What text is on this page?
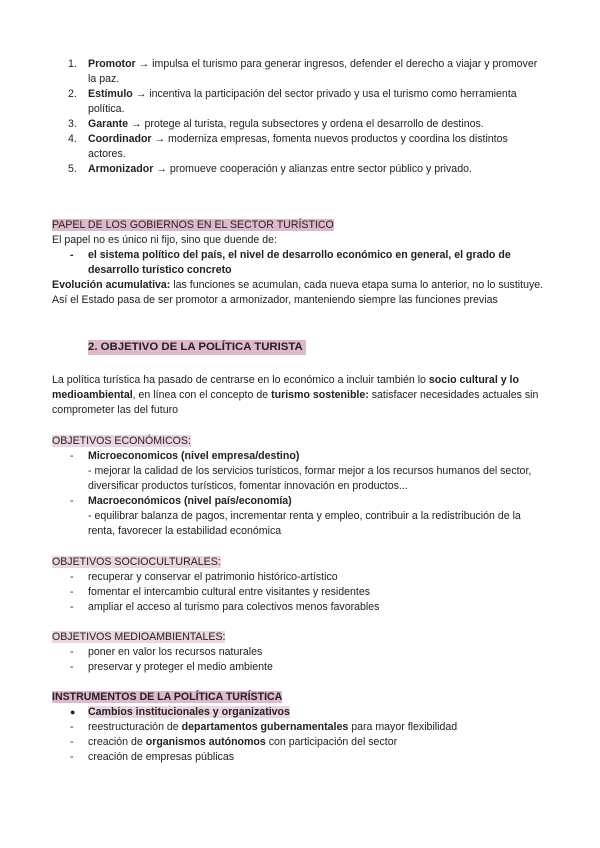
1. Promotor → impulsa el turismo para generar ingresos, defender el derecho a viajar y promover la paz.
2. Estímulo → incentiva la participación del sector privado y usa el turismo como herramienta política.
3. Garante → protege al turista, regula subsectores y ordena el desarrollo de destinos.
4. Coordinador → moderniza empresas, fomenta nuevos productos y coordina los distintos actores.
5. Armonizador → promueve cooperación y alianzas entre sector público y privado.
PAPEL DE LOS GOBIERNOS EN EL SECTOR TURÍSTICO
El papel no es único ni fijo, sino que duende de:
- el sistema político del país, el nivel de desarrollo económico en general, el grado de desarrollo turístico concreto
Evolución acumulativa: las funciones se acumulan, cada nueva etapa suma lo anterior, no lo sustituye. Así el Estado pasa de ser promotor a armonizador, manteniendo siempre las funciones previas
2. OBJETIVO DE LA POLÍTICA TURISTA
La política turística ha pasado de centrarse en lo económico a incluir también lo socio cultural y lo medioambiental, en línea con el concepto de turismo sostenible: satisfacer necesidades actuales sin comprometer las del futuro
OBJETIVOS ECONÓMICOS:
- Microeconomicos (nivel empresa/destino)
- mejorar la calidad de los servicios turísticos, formar mejor a los recursos humanos del sector, diversificar productos turísticos, fomentar innovación en productos...
- Macroeconómicos (nivel país/economía)
- equilibrar balanza de pagos, incrementar renta y empleo, contribuir a la redistribución de la renta, favorecer la estabilidad económica
OBJETIVOS SOCIOCULTURALES:
- recuperar y conservar el patrimonio histórico-artístico
- fomentar el intercambio cultural entre visitantes y residentes
- ampliar el acceso al turismo para colectivos menos favorables
OBJETIVOS MEDIOAMBIENTALES:
- poner en valor los recursos naturales
- preservar y proteger el medio ambiente
INSTRUMENTOS DE LA POLÍTICA TURÍSTICA
● Cambios institucionales y organizativos
- reestructuración de departamentos gubernamentales para mayor flexibilidad
- creación de organismos autónomos con participación del sector
- creación de empresas públicas
